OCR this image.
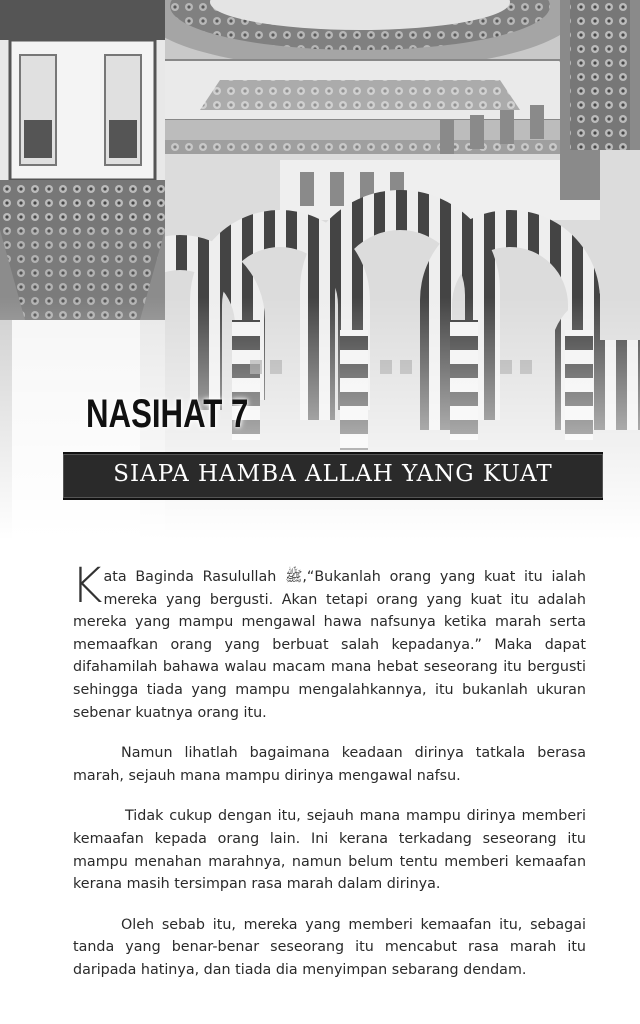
NASIHAT 7
SIAPA HAMBA ALLAH YANG KUAT

Kata Baginda Rasulullah ﷺ,“Bukanlah orang yang kuat itu ialah mereka yang bergusti. Akan tetapi orang yang kuat itu adalah mereka yang mampu mengawal hawa nafsunya ketika marah serta memaafkan orang yang berbuat salah kepadanya.” Maka dapat difahamilah bahawa walau macam mana hebat seseorang itu bergusti sehingga tiada yang mampu mengalahkannya, itu bukanlah ukuran sebenar kuatnya orang itu.

Namun lihatlah bagaimana keadaan dirinya tatkala berasa marah, sejauh mana mampu dirinya mengawal nafsu.

Tidak cukup dengan itu, sejauh mana mampu dirinya memberi kemaafan kepada orang lain. Ini kerana terkadang seseorang itu mampu menahan marahnya, namun belum tentu memberi kemaafan kerana masih tersimpan rasa marah dalam dirinya.

Oleh sebab itu, mereka yang memberi kemaafan itu, sebagai tanda yang benar-benar seseorang itu mencabut rasa marah itu daripada hatinya, dan tiada dia menyimpan sebarang dendam.
